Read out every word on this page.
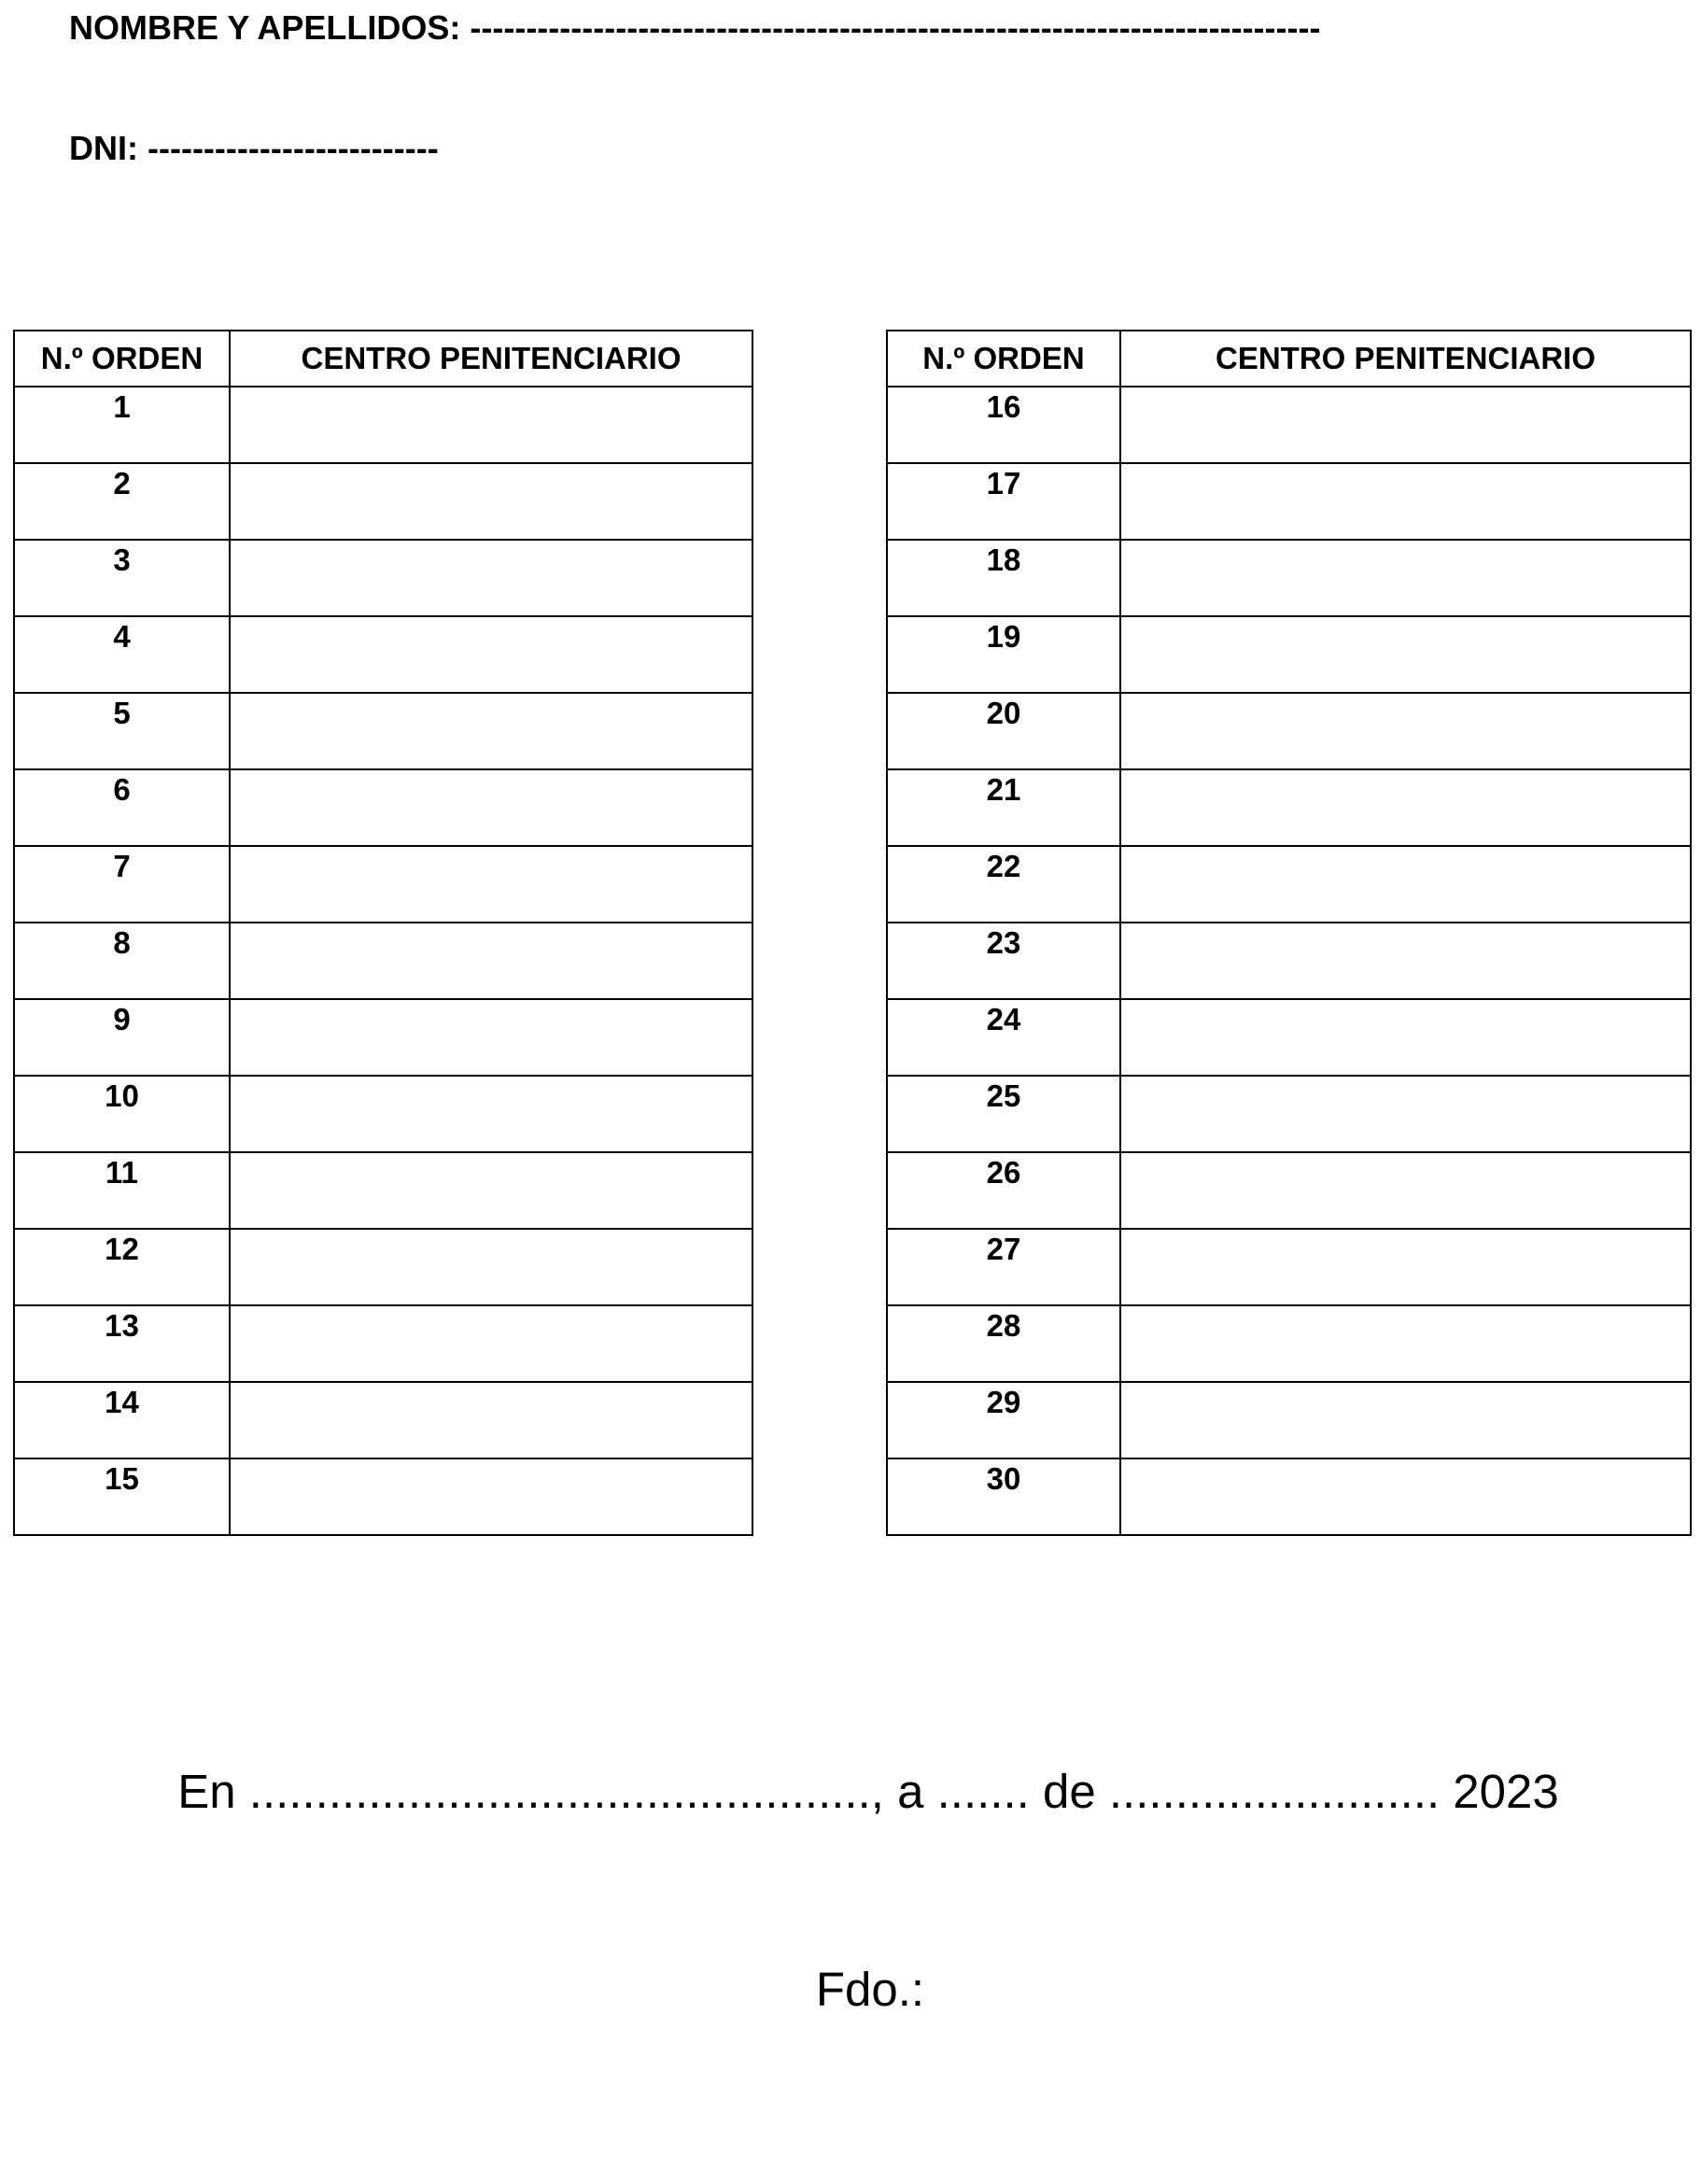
NOMBRE Y APELLIDOS: ----------------------------------------------------------------------------
DNI: --------------------------
N.º ORDEN	CENTRO PENITENCIARIO
1	
2	
3	
4	
5	
6	
7	
8	
9	
10	
11	
12	
13	
14	
15	
N.º ORDEN	CENTRO PENITENCIARIO
16	
17	
18	
19	
20	
21	
22	
23	
24	
25	
26	
27	
28	
29	
30	
En ..............................................., a ....... de ......................... 2023
Fdo.:
